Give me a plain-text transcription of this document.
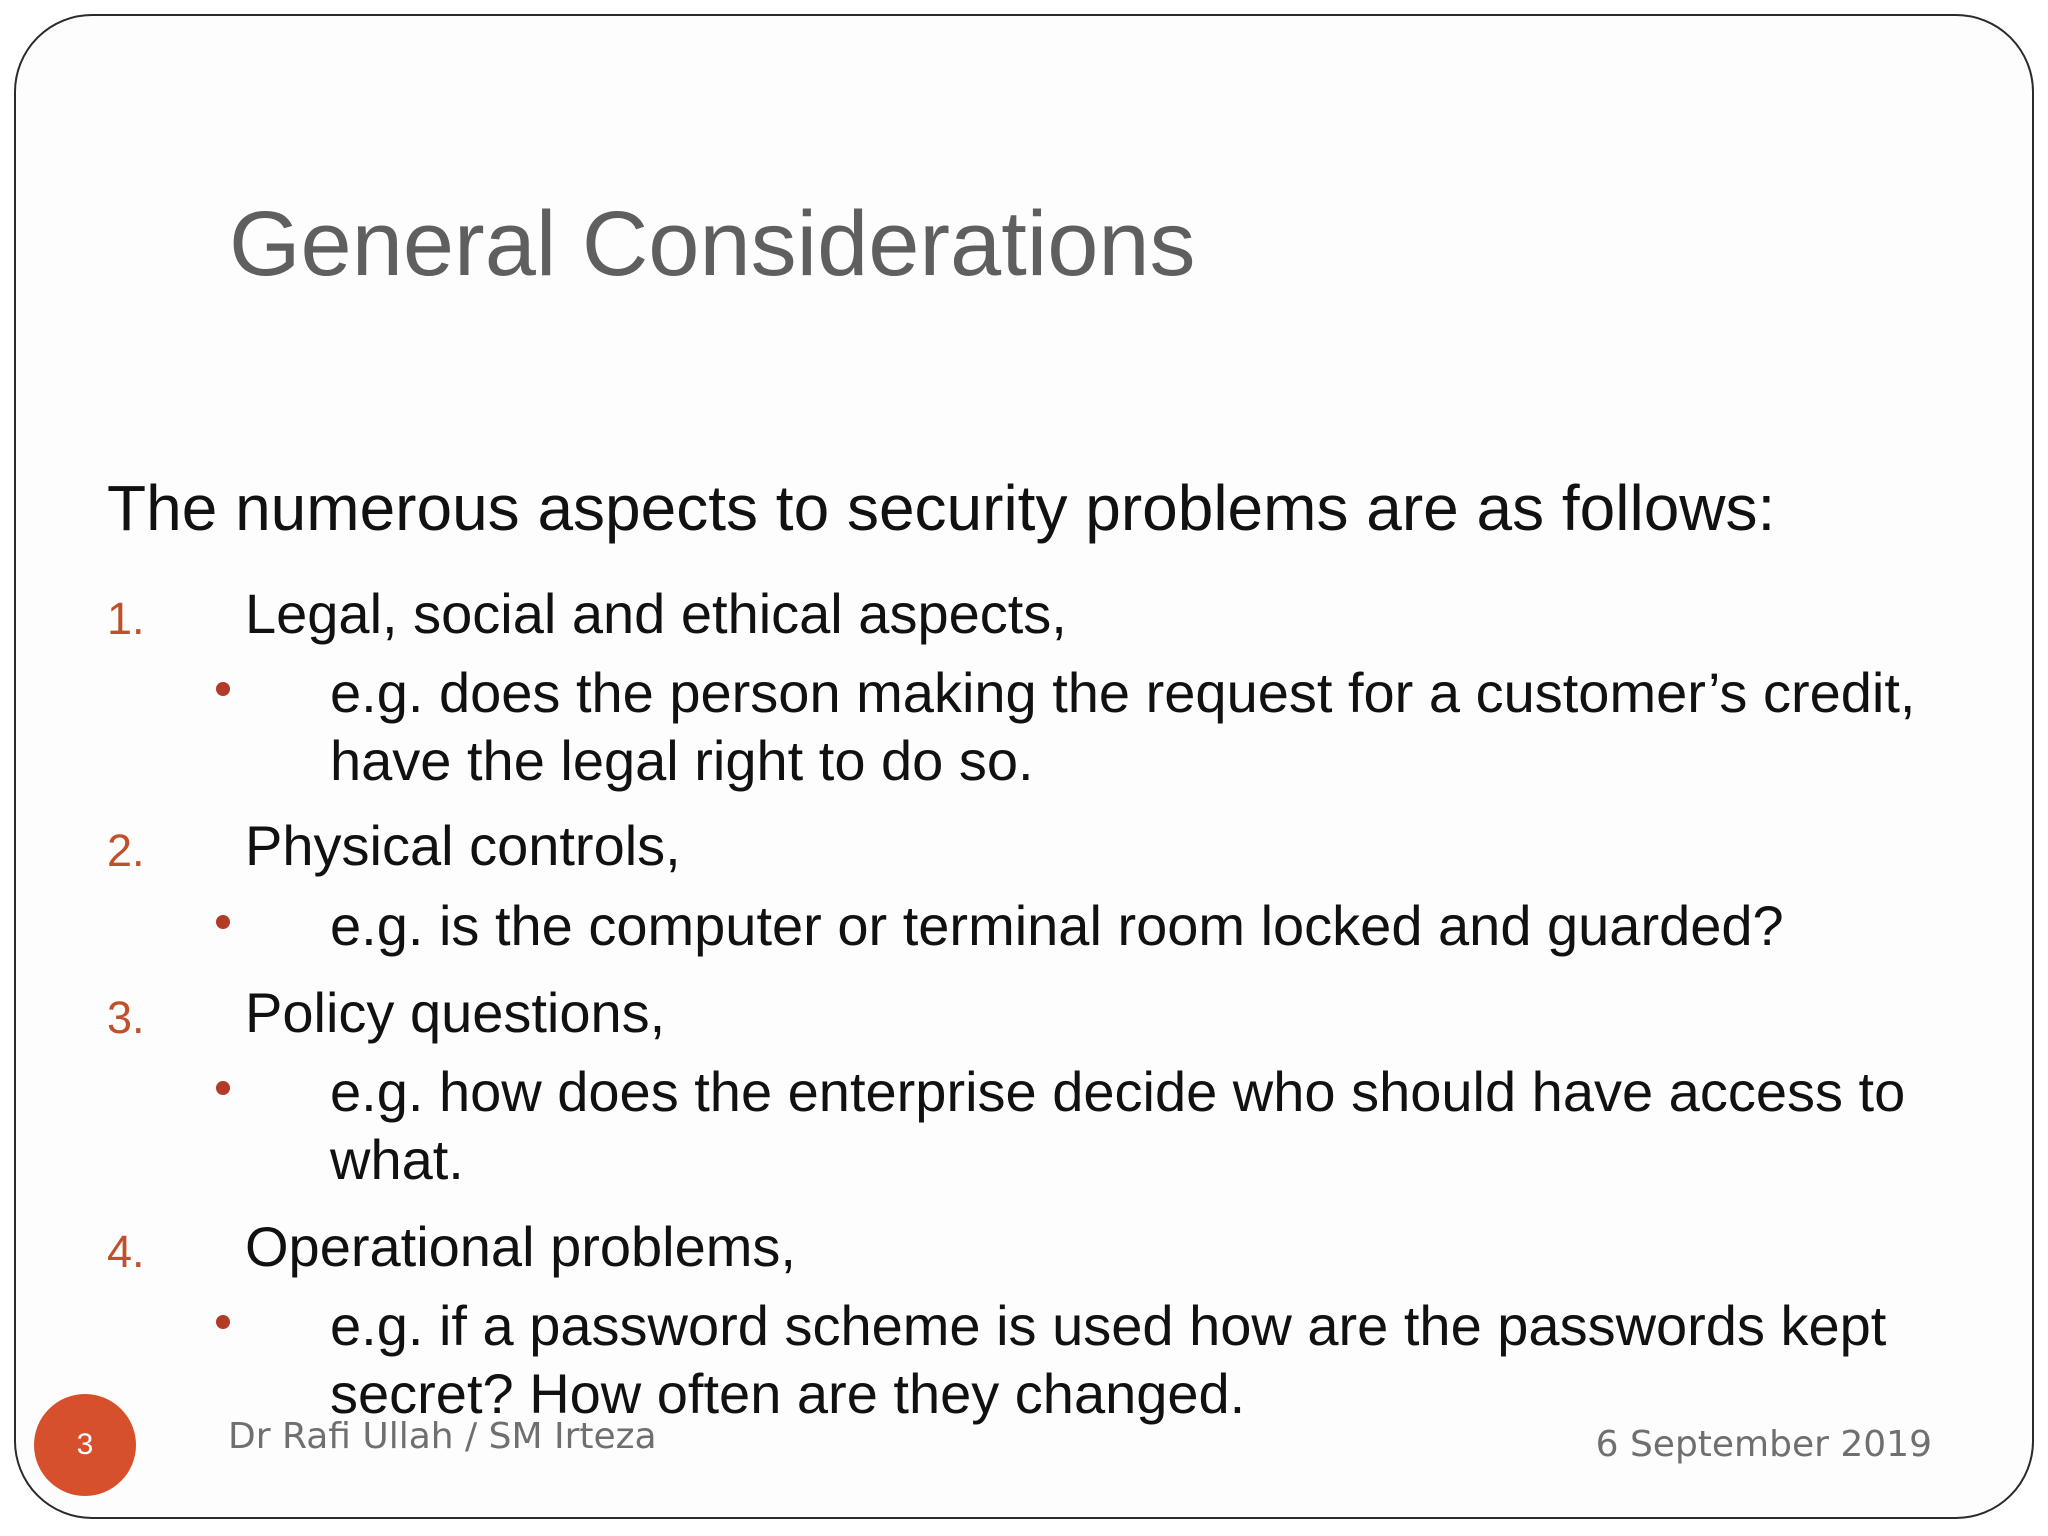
General Considerations
The numerous aspects to security problems are as follows:
1. Legal, social and ethical aspects,
e.g. does the person making the request for a customer’s credit, have the legal right to do so.
2. Physical controls,
e.g. is the computer or terminal room locked and guarded?
3. Policy questions,
e.g. how does the enterprise decide who should have access to what.
4. Operational problems,
e.g. if a password scheme is used how are the passwords kept secret? How often are they changed.
3	Dr Rafi Ullah / SM Irteza	6 September 2019
